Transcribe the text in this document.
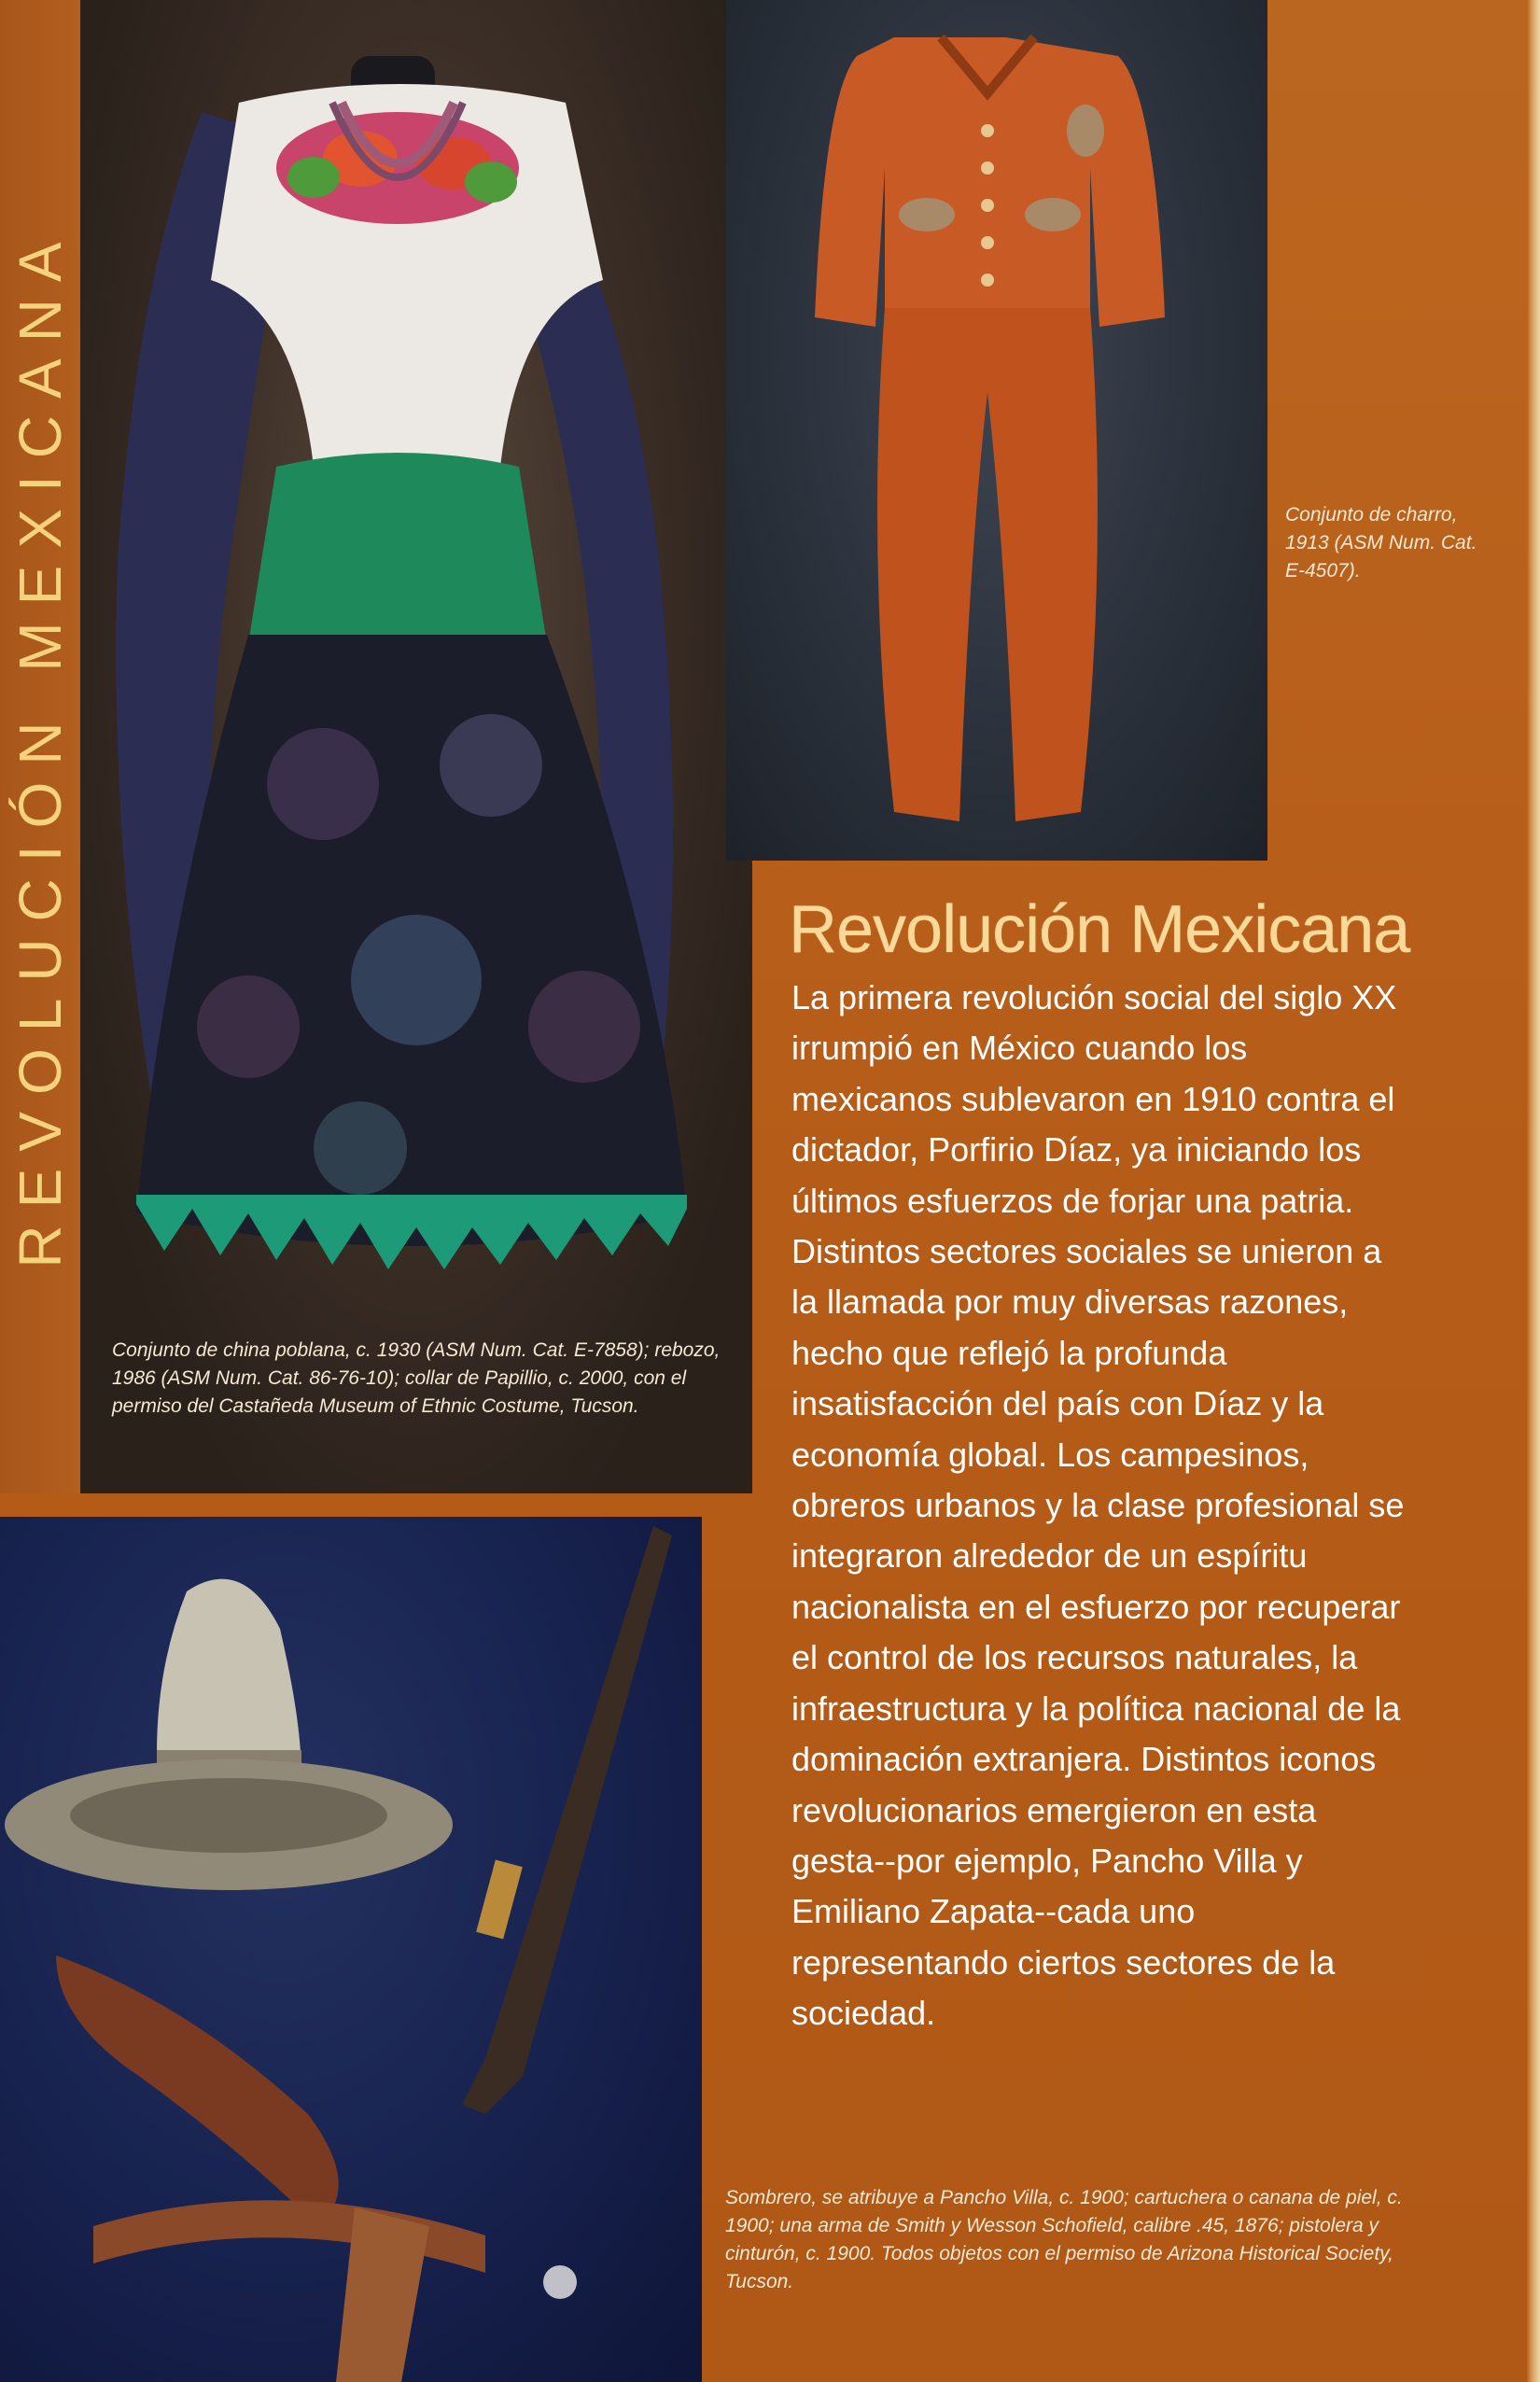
REVOLUCIÓN MEXICANA
Conjunto de china poblana, c. 1930 (ASM Num. Cat. E-7858); rebozo, 1986 (ASM Num. Cat. 86-76-10); collar de Papillio, c. 2000, con el permiso del Castañeda Museum of Ethnic Costume, Tucson.
Conjunto de charro, 1913 (ASM Num. Cat. E-4507).
Revolución Mexicana
La primera revolución social del siglo XX irrumpió en México cuando los mexicanos sublevaron en 1910 contra el dictador, Porfirio Díaz, ya iniciando los últimos esfuerzos de forjar una patria. Distintos sectores sociales se unieron a la llamada por muy diversas razones, hecho que reflejó la profunda insatisfacción del país con Díaz y la economía global. Los campesinos, obreros urbanos y la clase profesional se integraron alrededor de un espíritu nacionalista en el esfuerzo por recuperar el control de los recursos naturales, la infraestructura y la política nacional de la dominación extranjera. Distintos iconos revolucionarios emergieron en esta gesta--por ejemplo, Pancho Villa y Emiliano Zapata--cada uno representando ciertos sectores de la sociedad.
Sombrero, se atribuye a Pancho Villa, c. 1900; cartuchera o canana de piel, c. 1900; una arma de Smith y Wesson Schofield, calibre .45, 1876; pistolera y cinturón, c. 1900. Todos objetos con el permiso de Arizona Historical Society, Tucson.
